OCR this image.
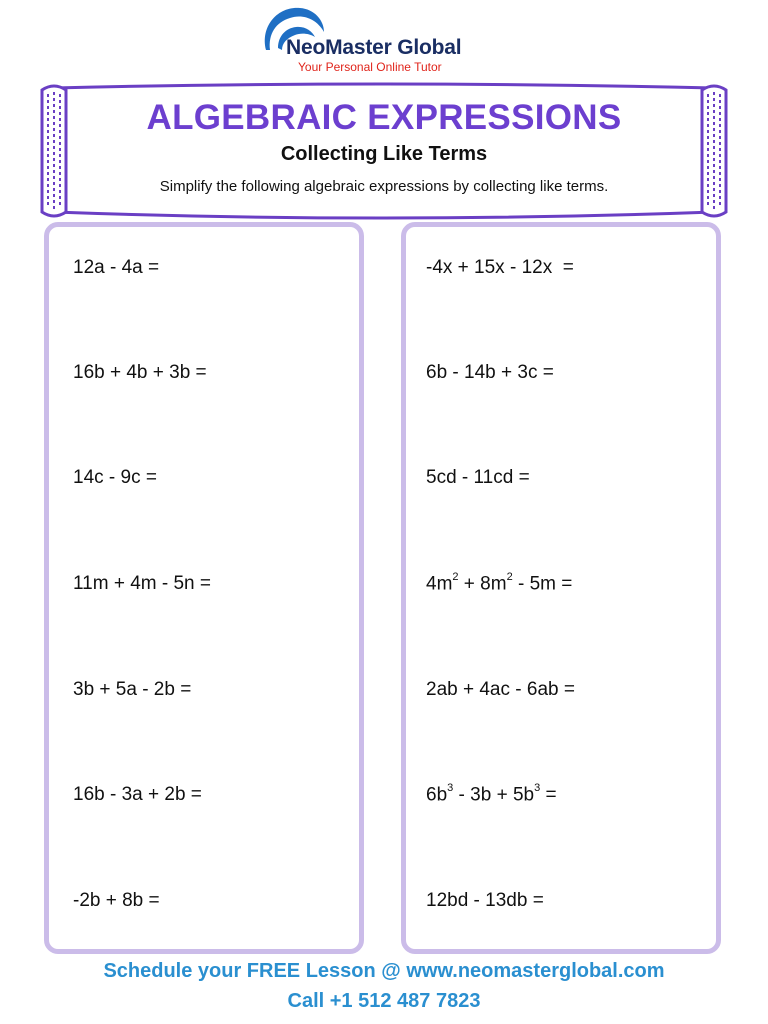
NeoMaster Global
Your Personal Online Tutor
ALGEBRAIC EXPRESSIONS
Collecting Like Terms
Simplify the following algebraic expressions by collecting like terms.
12a - 4a =
16b + 4b + 3b =
14c - 9c =
11m + 4m - 5n =
3b + 5a - 2b =
16b - 3a + 2b =
-2b + 8b =
-4x + 15x - 12x  =
6b - 14b + 3c =
5cd - 11cd =
$4m^2 + 8m^2 - 5m$ =
2ab + 4ac - 6ab =
$6b^3 - 3b + 5b^3$ =
12bd - 13db =
Schedule your FREE Lesson @ www.neomasterglobal.com
Call +1 512 487 7823
